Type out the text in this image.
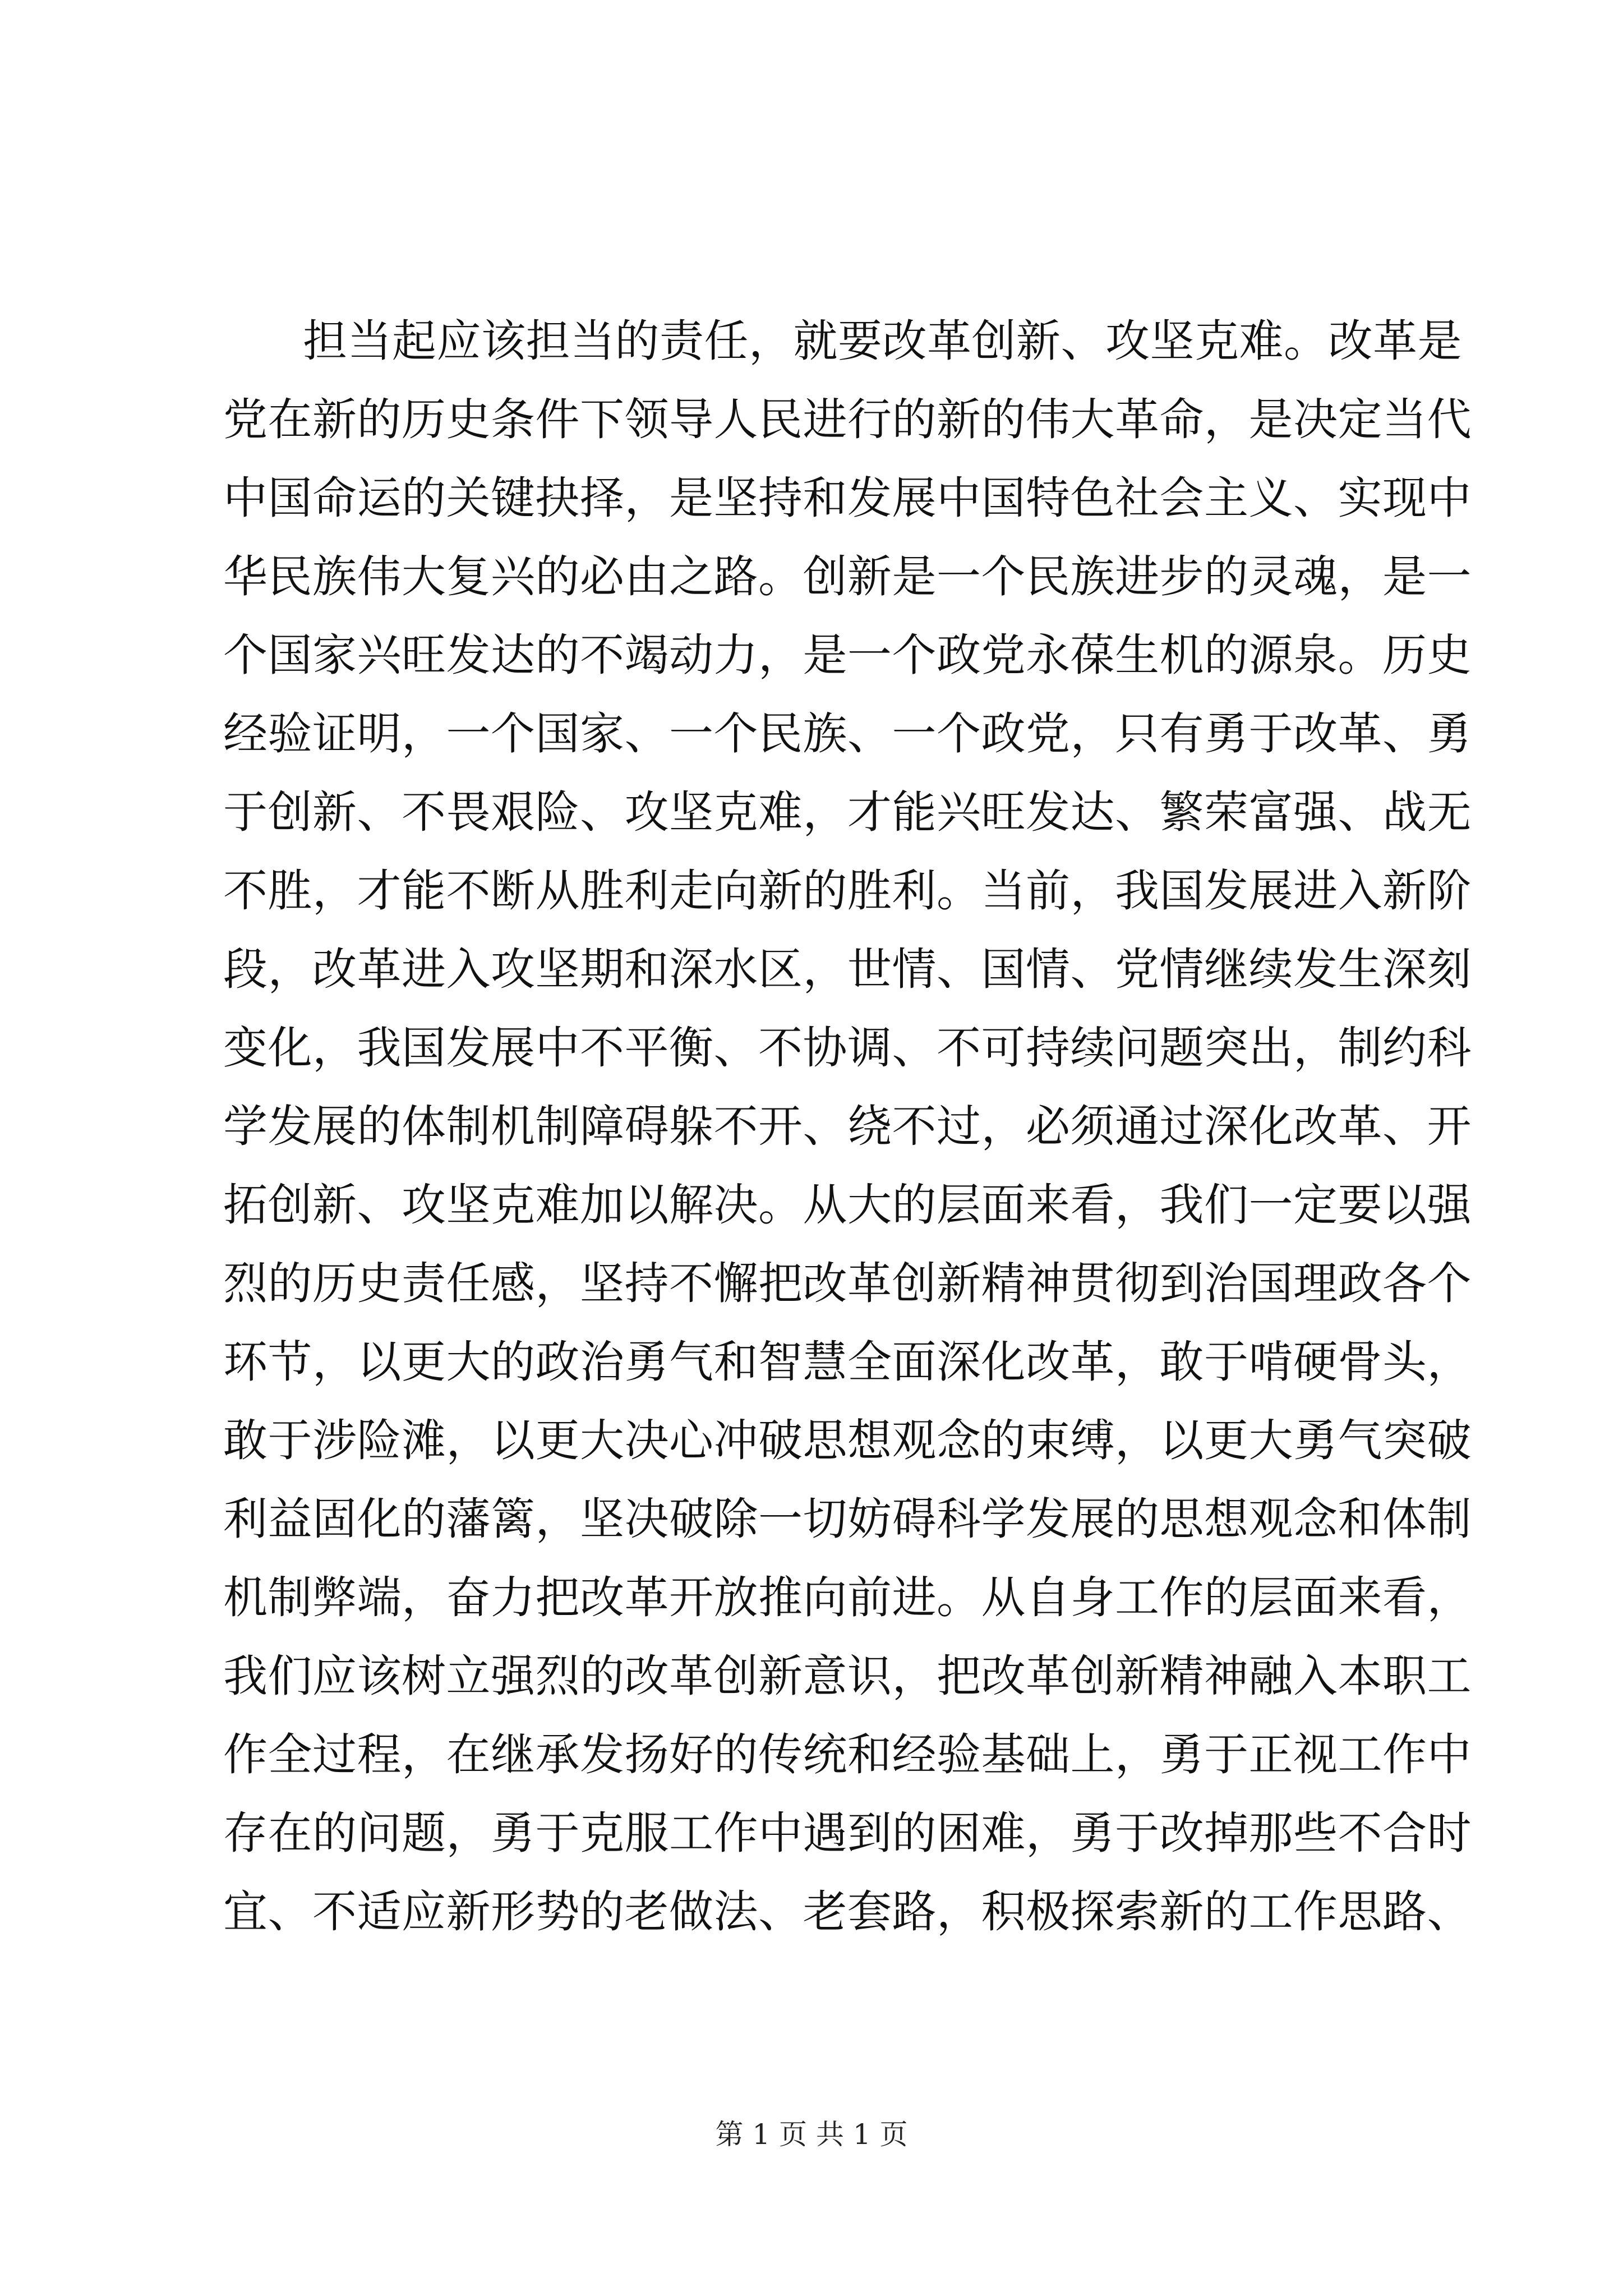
担当起应该担当的责任，就要改革创新、攻坚克难。改革是
党在新的历史条件下领导人民进行的新的伟大革命，是决定当代
中国命运的关键抉择，是坚持和发展中国特色社会主义、实现中
华民族伟大复兴的必由之路。创新是一个民族进步的灵魂，是一
个国家兴旺发达的不竭动力，是一个政党永葆生机的源泉。历史
经验证明，一个国家、一个民族、一个政党，只有勇于改革、勇
于创新、不畏艰险、攻坚克难，才能兴旺发达、繁荣富强、战无
不胜，才能不断从胜利走向新的胜利。当前，我国发展进入新阶
段，改革进入攻坚期和深水区，世情、国情、党情继续发生深刻
变化，我国发展中不平衡、不协调、不可持续问题突出，制约科
学发展的体制机制障碍躲不开、绕不过，必须通过深化改革、开
拓创新、攻坚克难加以解决。从大的层面来看，我们一定要以强
烈的历史责任感，坚持不懈把改革创新精神贯彻到治国理政各个
环节，以更大的政治勇气和智慧全面深化改革，敢于啃硬骨头，
敢于涉险滩，以更大决心冲破思想观念的束缚，以更大勇气突破
利益固化的藩篱，坚决破除一切妨碍科学发展的思想观念和体制
机制弊端，奋力把改革开放推向前进。从自身工作的层面来看，
我们应该树立强烈的改革创新意识，把改革创新精神融入本职工
作全过程，在继承发扬好的传统和经验基础上，勇于正视工作中
存在的问题，勇于克服工作中遇到的困难，勇于改掉那些不合时
宜、不适应新形势的老做法、老套路，积极探索新的工作思路、
第 1 页 共 1 页
